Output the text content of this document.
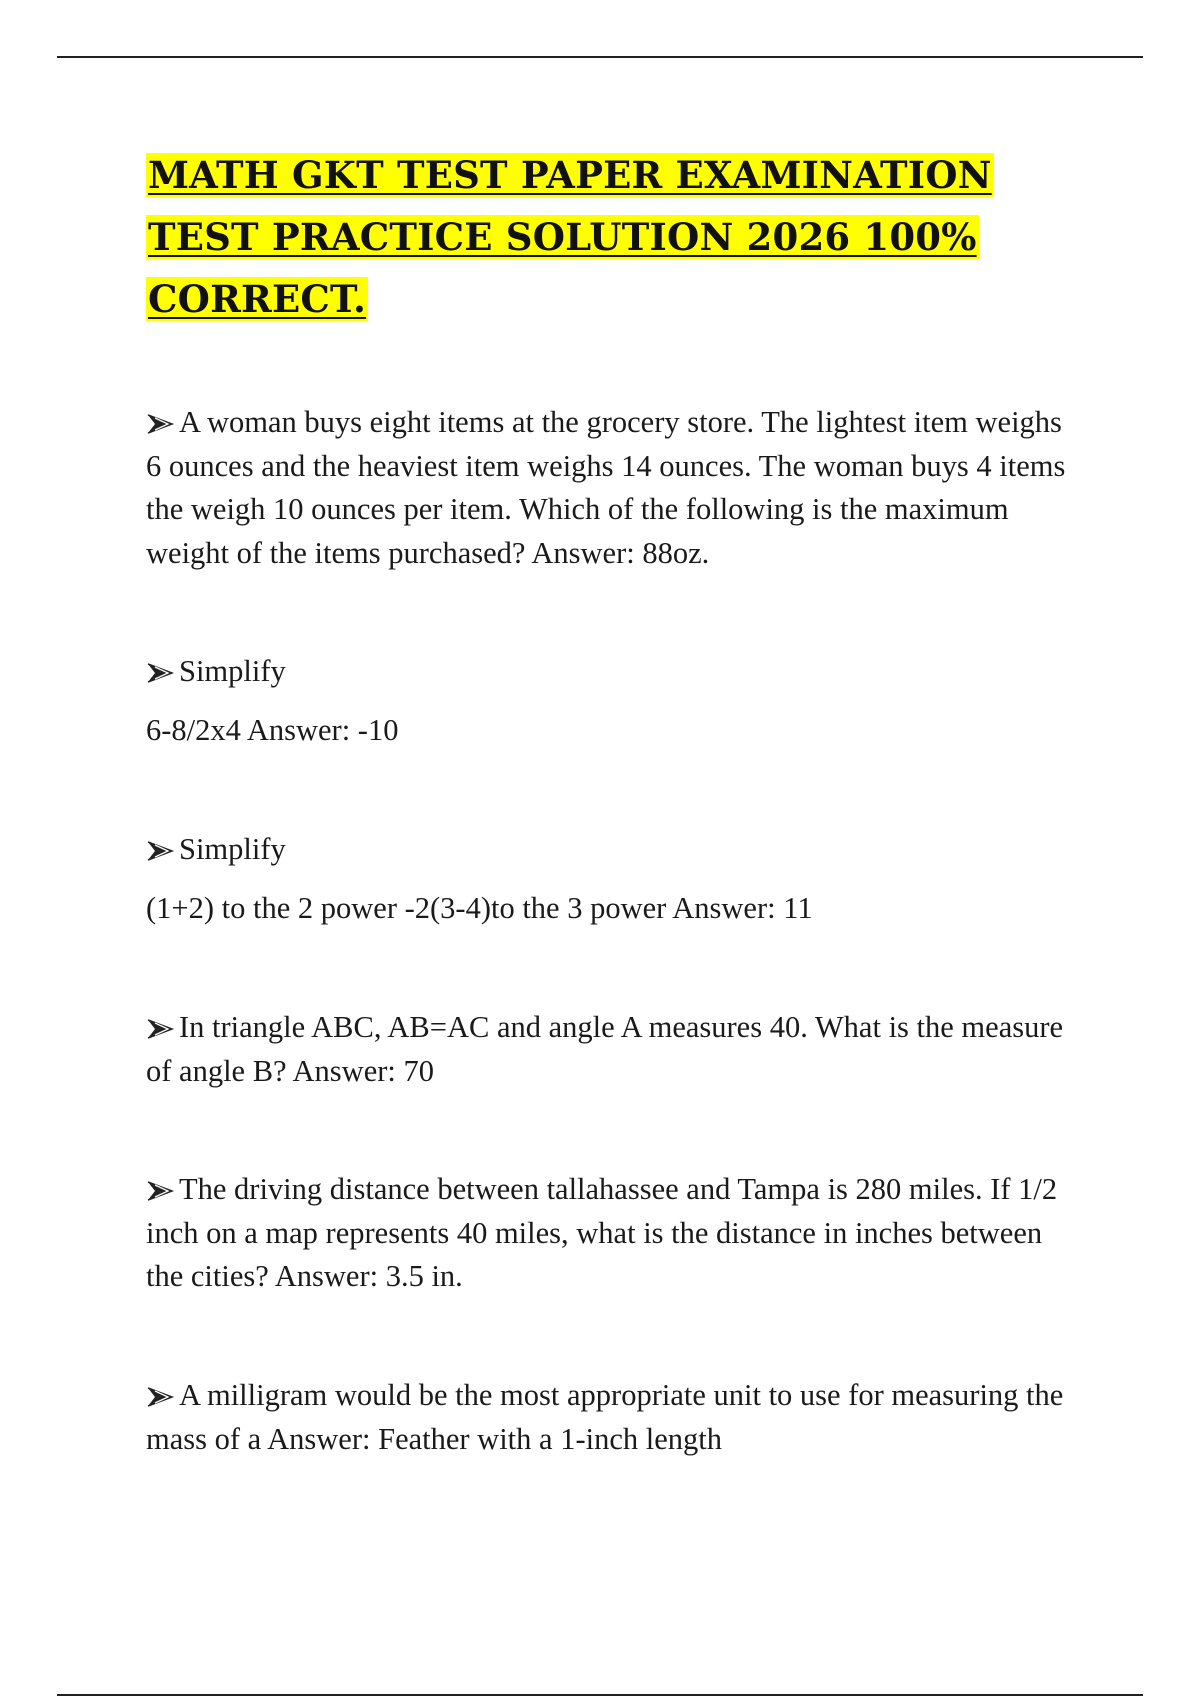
MATH GKT TEST PAPER EXAMINATION TEST PRACTICE SOLUTION 2026 100% CORRECT.

A woman buys eight items at the grocery store. The lightest item weighs 6 ounces and the heaviest item weighs 14 ounces. The woman buys 4 items the weigh 10 ounces per item. Which of the following is the maximum weight of the items purchased? Answer: 88oz.

Simplify

6-8/2x4 Answer: -10

Simplify

(1+2) to the 2 power -2(3-4)to the 3 power Answer: 11

In triangle ABC, AB=AC and angle A measures 40. What is the measure of angle B? Answer: 70

The driving distance between tallahassee and Tampa is 280 miles. If 1/2 inch on a map represents 40 miles, what is the distance in inches between the cities? Answer: 3.5 in.

A milligram would be the most appropriate unit to use for measuring the mass of a Answer: Feather with a 1-inch length
